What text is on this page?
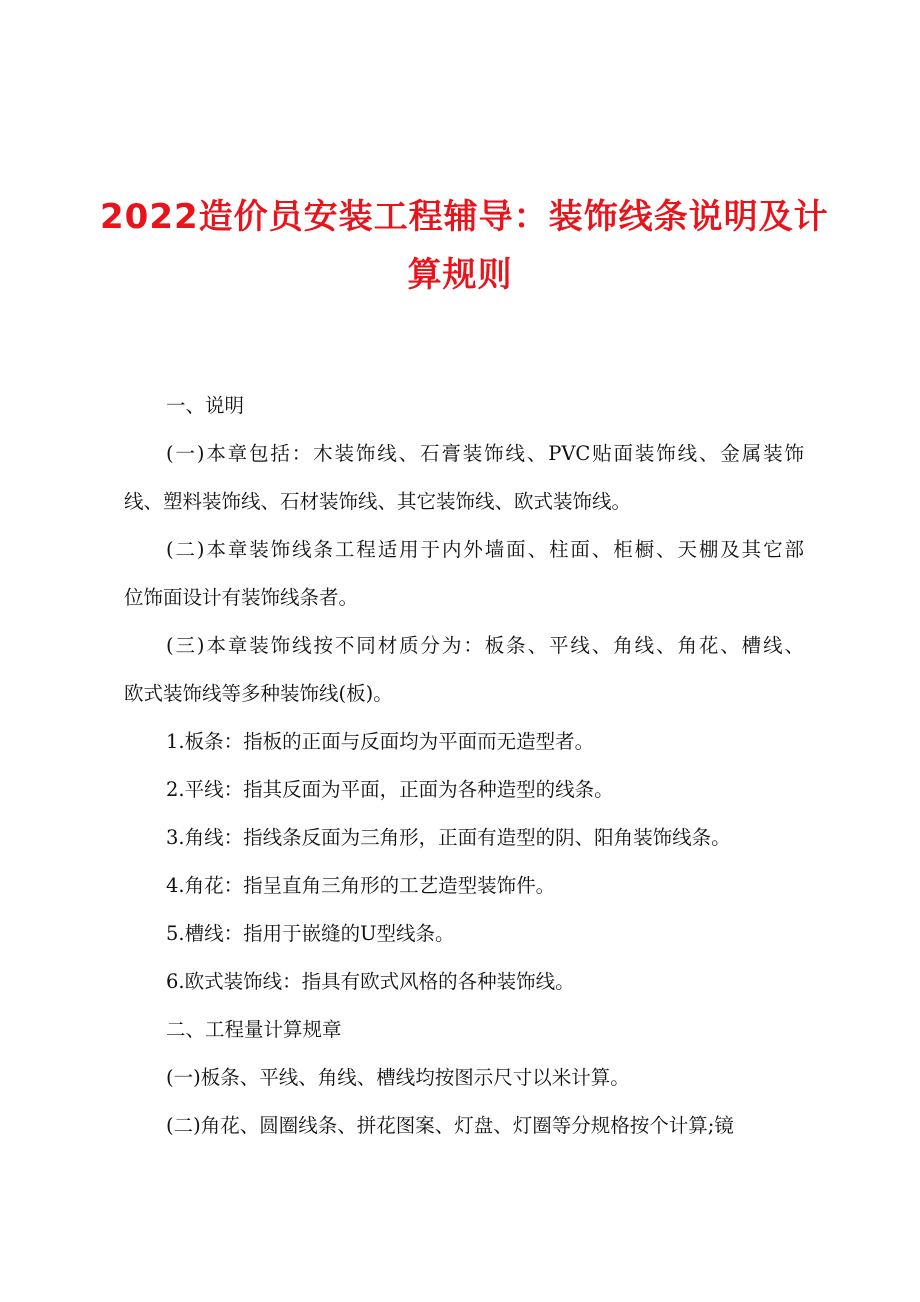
2022造价员安装工程辅导：装饰线条说明及计
算规则
一、说明
(一)本章包括：木装饰线、石膏装饰线、PVC贴面装饰线、金属装饰
线、塑料装饰线、石材装饰线、其它装饰线、欧式装饰线。
(二)本章装饰线条工程适用于内外墙面、柱面、柜橱、天棚及其它部
位饰面设计有装饰线条者。
(三)本章装饰线按不同材质分为：板条、平线、角线、角花、槽线、
欧式装饰线等多种装饰线(板)。
1.板条：指板的正面与反面均为平面而无造型者。
2.平线：指其反面为平面，正面为各种造型的线条。
3.角线：指线条反面为三角形，正面有造型的阴、阳角装饰线条。
4.角花：指呈直角三角形的工艺造型装饰件。
5.槽线：指用于嵌缝的U型线条。
6.欧式装饰线：指具有欧式风格的各种装饰线。
二、工程量计算规章
(一)板条、平线、角线、槽线均按图示尺寸以米计算。
(二)角花、圆圈线条、拼花图案、灯盘、灯圈等分规格按个计算;镜
